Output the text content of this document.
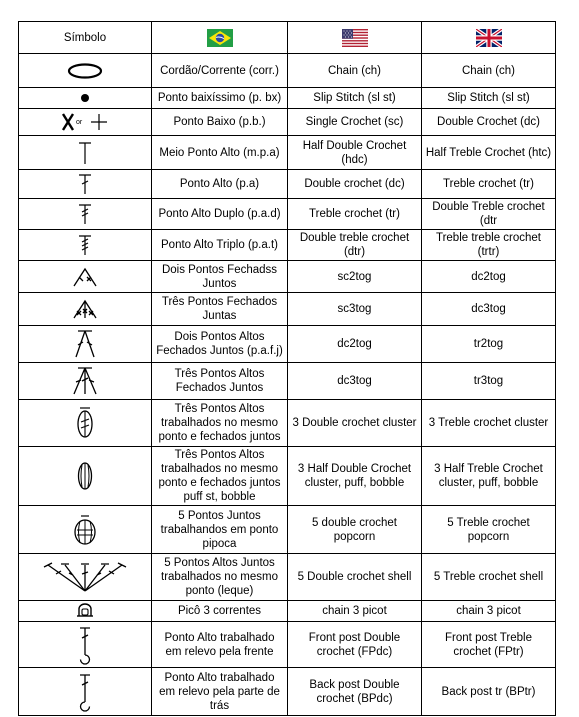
Símbolo	

	Cordão/Corrente (corr.)	Chain (ch)	Chain (ch)

	Ponto baixíssimo (p. bx)	Slip Stitch (sl st)	Slip Stitch (sl st)

or	Ponto Baixo (p.b.)	Single Crochet (sc)	Double Crochet (dc)

	Meio Ponto Alto (m.p.a)	Half Double Crochet (hdc)	Half Treble Crochet (htc)

	Ponto Alto (p.a)	Double crochet (dc)	Treble crochet (tr)

	Ponto Alto Duplo (p.a.d)	Treble crochet (tr)	Double Treble crochet (dtr

	Ponto Alto Triplo (p.a.t)	Double treble crochet (dtr)	Treble treble crochet (trtr)

	Dois Pontos Fechadss Juntos	sc2tog	dc2tog

	Três Pontos Fechados Juntas	sc3tog	dc3tog

	Dois Pontos Altos Fechados Juntos (p.a.f.j)	dc2tog	tr2tog

	Três Pontos Altos Fechados Juntos	dc3tog	tr3tog

	Três Pontos Altos trabalhados no mesmo ponto e fechados juntos	3 Double crochet cluster	3 Treble crochet cluster

	Três Pontos Altos trabalhados no mesmo ponto e fechados juntos puff st, bobble	3 Half Double Crochet cluster, puff, bobble	3 Half Treble Crochet cluster, puff, bobble

	5 Pontos Juntos trabalhandos em ponto pipoca	5 double crochet popcorn	5 Treble crochet popcorn

	5 Pontos Altos Juntos trabalhados no mesmo ponto (leque)	5 Double crochet shell	5 Treble crochet shell

	Picô 3 correntes	chain 3 picot	chain 3 picot

	Ponto Alto trabalhado em relevo pela frente	Front post Double crochet (FPdc)	Front post Treble crochet (FPtr)

	Ponto Alto trabalhado em relevo pela parte de trás	Back post Double crochet (BPdc)	Back post tr (BPtr)
